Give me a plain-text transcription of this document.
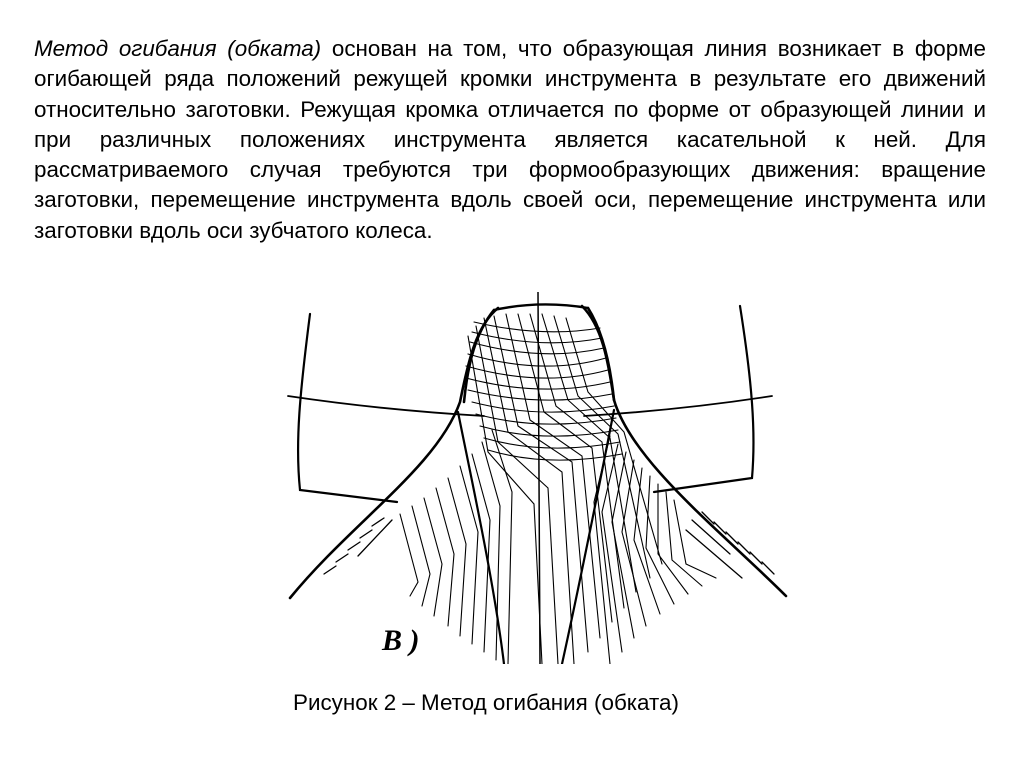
Метод огибания (обката) основан на том, что образующая линия возникает в форме огибающей ряда положений режущей кромки инструмента в результате его движений относительно заготовки. Режущая кромка отличается по форме от образующей линии и при различных положениях инструмента является касательной к ней. Для рассматриваемого случая требуются три формообразующих движения: вращение заготовки, перемещение инструмента вдоль своей оси, перемещение инструмента или заготовки вдоль оси зубчатого колеса.

В )
Рисунок 2 – Метод огибания (обката)
